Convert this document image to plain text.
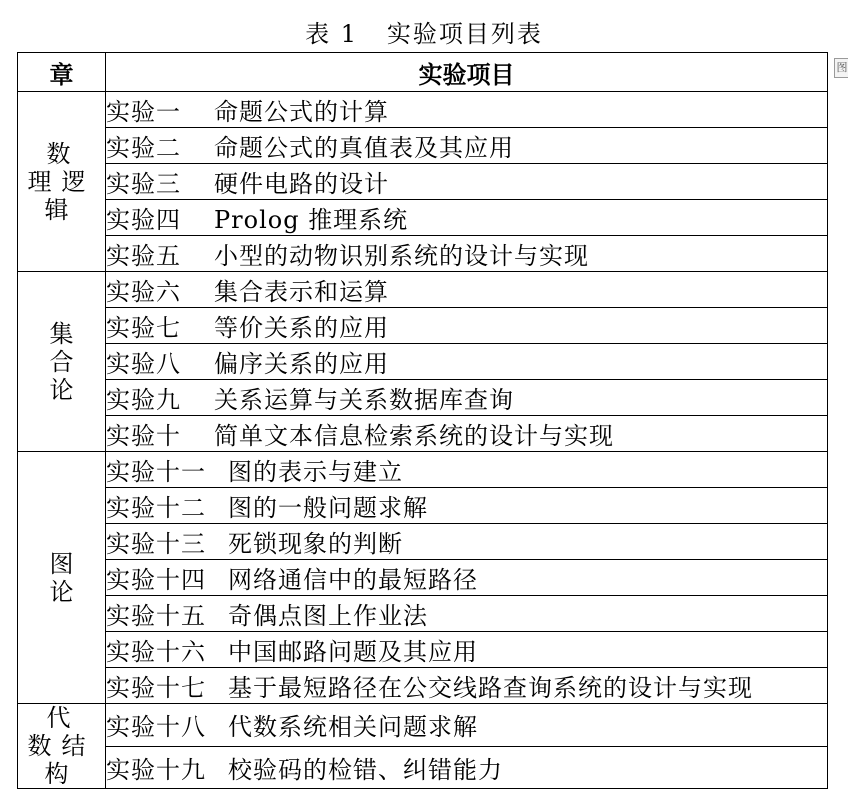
表 1   实验项目列表
章	实验项目
数理逻辑	实验一 命题公式的计算
	实验二 命题公式的真值表及其应用
	实验三 硬件电路的设计
	实验四 Prolog 推理系统
	实验五 小型的动物识别系统的设计与实现
集合论	实验六 集合表示和运算
	实验七 等价关系的应用
	实验八 偏序关系的应用
	实验九 关系运算与关系数据库查询
	实验十 简单文本信息检索系统的设计与实现
图论	实验十一 图的表示与建立
	实验十二 图的一般问题求解
	实验十三 死锁现象的判断
	实验十四 网络通信中的最短路径
	实验十五 奇偶点图上作业法
	实验十六 中国邮路问题及其应用
	实验十七 基于最短路径在公交线路查询系统的设计与实现
代数结构	实验十八 代数系统相关问题求解
	实验十九 校验码的检错、纠错能力
图
